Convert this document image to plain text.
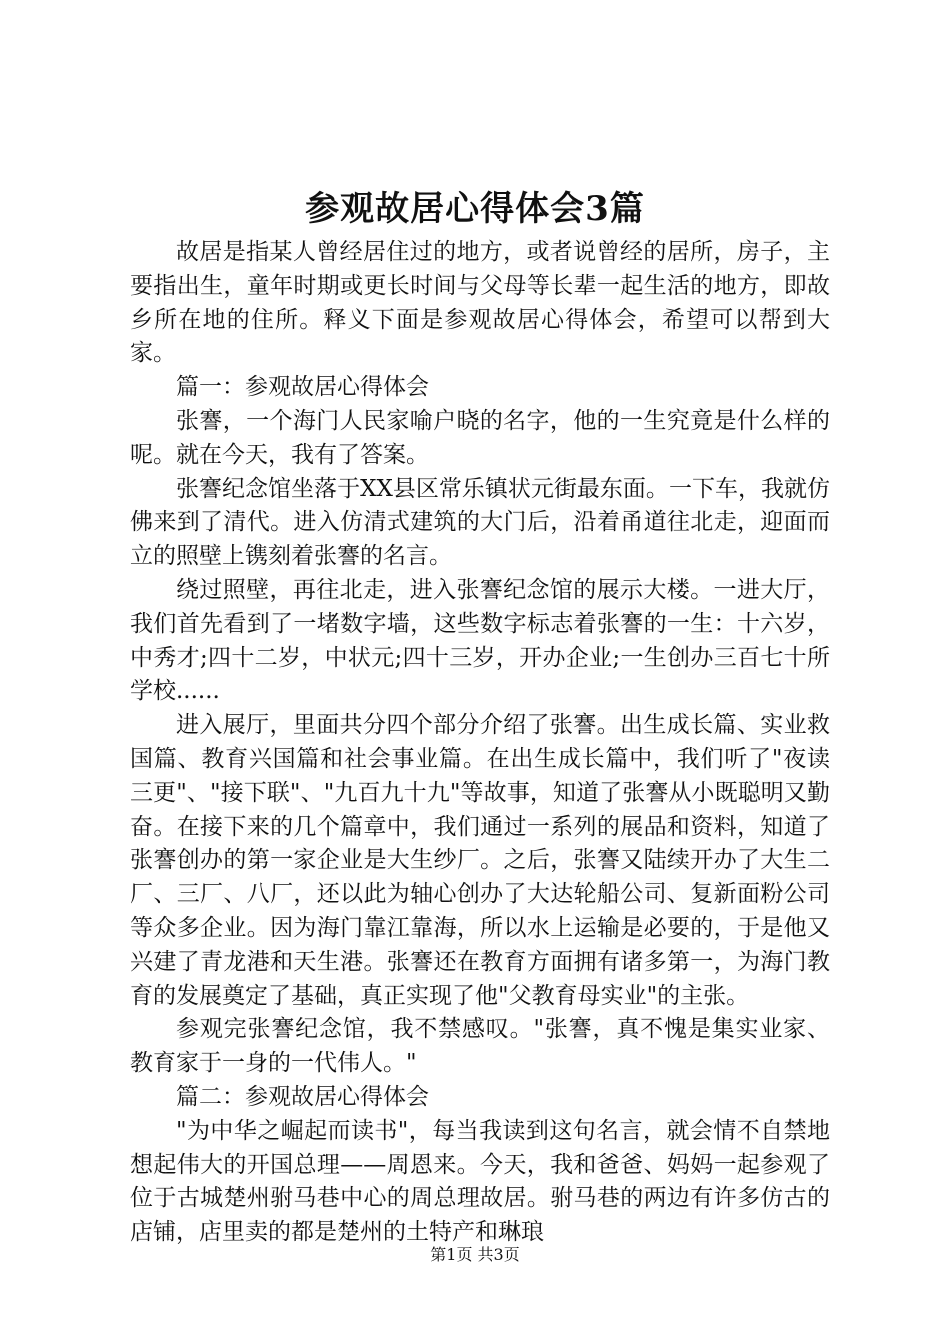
参观故居心得体会3篇

故居是指某人曾经居住过的地方，或者说曾经的居所，房子，主要指出生，童年时期或更长时间与父母等长辈一起生活的地方，即故乡所在地的住所。释义下面是参观故居心得体会，希望可以帮到大家。

篇一：参观故居心得体会

张謇，一个海门人民家喻户晓的名字，他的一生究竟是什么样的呢。就在今天，我有了答案。

张謇纪念馆坐落于XX县区常乐镇状元街最东面。一下车，我就仿佛来到了清代。进入仿清式建筑的大门后，沿着甬道往北走，迎面而立的照壁上镌刻着张謇的名言。

绕过照壁，再往北走，进入张謇纪念馆的展示大楼。一进大厅，我们首先看到了一堵数字墙，这些数字标志着张謇的一生：十六岁，中秀才;四十二岁，中状元;四十三岁，开办企业;一生创办三百七十所学校......

进入展厅，里面共分四个部分介绍了张謇。出生成长篇、实业救国篇、教育兴国篇和社会事业篇。在出生成长篇中，我们听了"夜读三更"、"接下联"、"九百九十九"等故事，知道了张謇从小既聪明又勤奋。在接下来的几个篇章中，我们通过一系列的展品和资料，知道了张謇创办的第一家企业是大生纱厂。之后，张謇又陆续开办了大生二厂、三厂、八厂，还以此为轴心创办了大达轮船公司、复新面粉公司等众多企业。因为海门靠江靠海，所以水上运输是必要的，于是他又兴建了青龙港和天生港。张謇还在教育方面拥有诸多第一，为海门教育的发展奠定了基础，真正实现了他"父教育母实业"的主张。

参观完张謇纪念馆，我不禁感叹。"张謇，真不愧是集实业家、教育家于一身的一代伟人。"

篇二：参观故居心得体会

"为中华之崛起而读书"，每当我读到这句名言，就会情不自禁地想起伟大的开国总理——周恩来。今天，我和爸爸、妈妈一起参观了位于古城楚州驸马巷中心的周总理故居。驸马巷的两边有许多仿古的店铺，店里卖的都是楚州的土特产和琳琅

第1页 共3页
